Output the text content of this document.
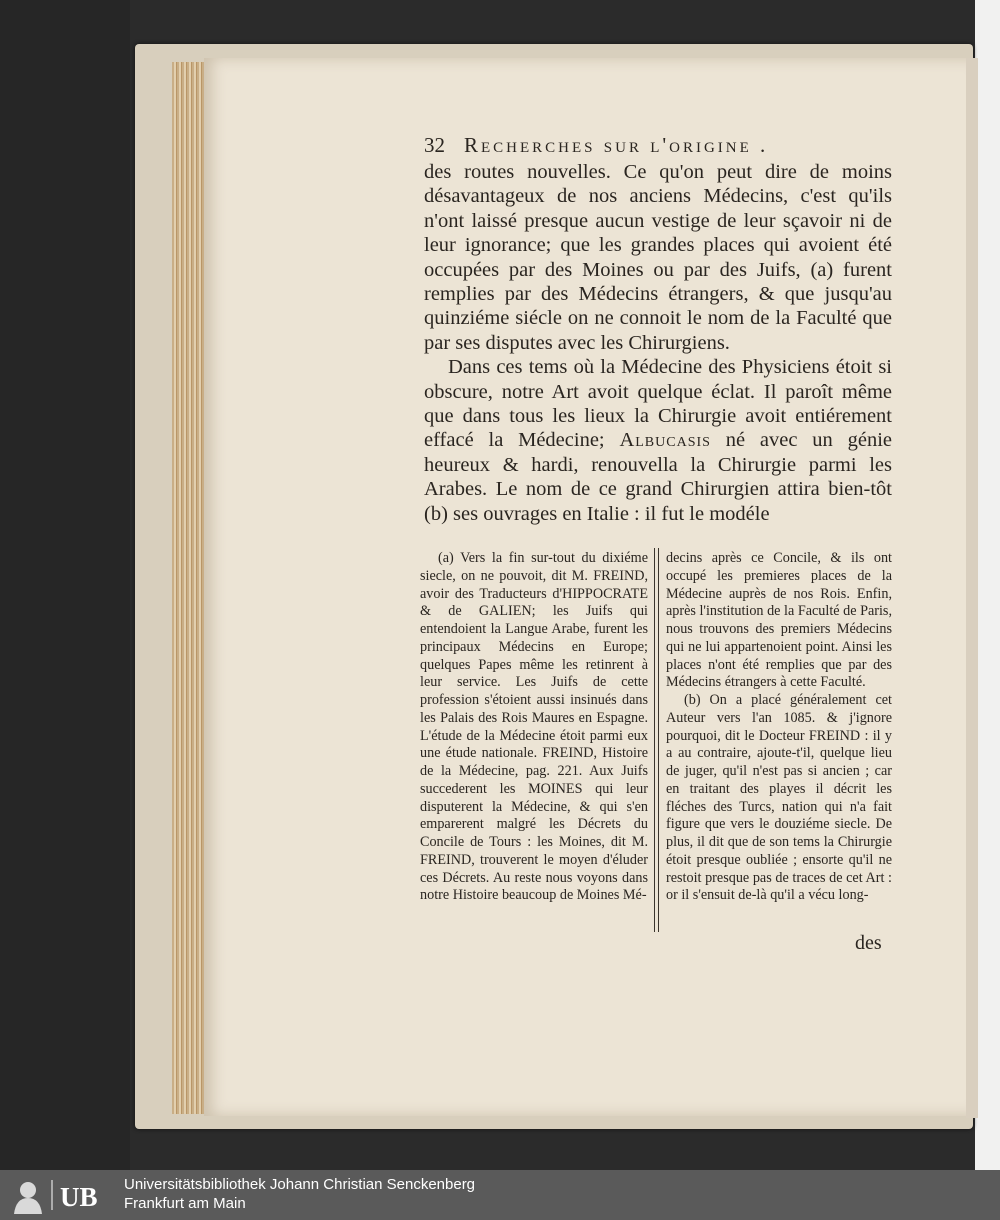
32 Recherches sur l'origine .

des routes nouvelles. Ce qu'on peut dire de moins désavantageux de nos anciens Médecins, c'est qu'ils n'ont laissé presque aucun vestige de leur sçavoir ni de leur ignorance; que les grandes places qui avoient été occupées par des Moines ou par des Juifs, (a) furent remplies par des Médecins étrangers, & que jusqu'au quinziéme siécle on ne connoit le nom de la Faculté que par ses disputes avec les Chirurgiens.

Dans ces tems où la Médecine des Physiciens étoit si obscure, notre Art avoit quelque éclat. Il paroît même que dans tous les lieux la Chirurgie avoit entiérement effacé la Médecine; Albucasis né avec un génie heureux & hardi, renouvella la Chirurgie parmi les Arabes. Le nom de ce grand Chirurgien attira bien-tôt (b) ses ouvrages en Italie : il fut le modéle

(a) Vers la fin sur-tout du dixiéme siecle, on ne pouvoit, dit M. FREIND, avoir des Traducteurs d'HIPPOCRATE & de GALIEN; les Juifs qui entendoient la Langue Arabe, furent les principaux Médecins en Europe; quelques Papes même les retinrent à leur service. Les Juifs de cette profession s'étoient aussi insinués dans les Palais des Rois Maures en Espagne. L'étude de la Médecine étoit parmi eux une étude nationale. FREIND, Histoire de la Médecine, pag. 221. Aux Juifs succederent les MOINES qui leur disputerent la Médecine, & qui s'en emparerent malgré les Décrets du Concile de Tours : les Moines, dit M. FREIND, trouverent le moyen d'éluder ces Décrets. Au reste nous voyons dans notre Histoire beaucoup de Moines Mé-

decins après ce Concile, & ils ont occupé les premieres places de la Médecine auprès de nos Rois. Enfin, après l'institution de la Faculté de Paris, nous trouvons des premiers Médecins qui ne lui appartenoient point. Ainsi les places n'ont été remplies que par des Médecins étrangers à cette Faculté.

(b) On a placé généralement cet Auteur vers l'an 1085. & j'ignore pourquoi, dit le Docteur FREIND : il y a au contraire, ajoute-t'il, quelque lieu de juger, qu'il n'est pas si ancien ; car en traitant des playes il décrit les fléches des Turcs, nation qui n'a fait figure que vers le douziéme siecle. De plus, il dit que de son tems la Chirurgie étoit presque oubliée ; ensorte qu'il ne restoit presque pas de traces de cet Art : or il s'ensuit de-là qu'il a vécu long-

des
UB Universitätsbibliothek Johann Christian Senckenberg
Frankfurt am Main
